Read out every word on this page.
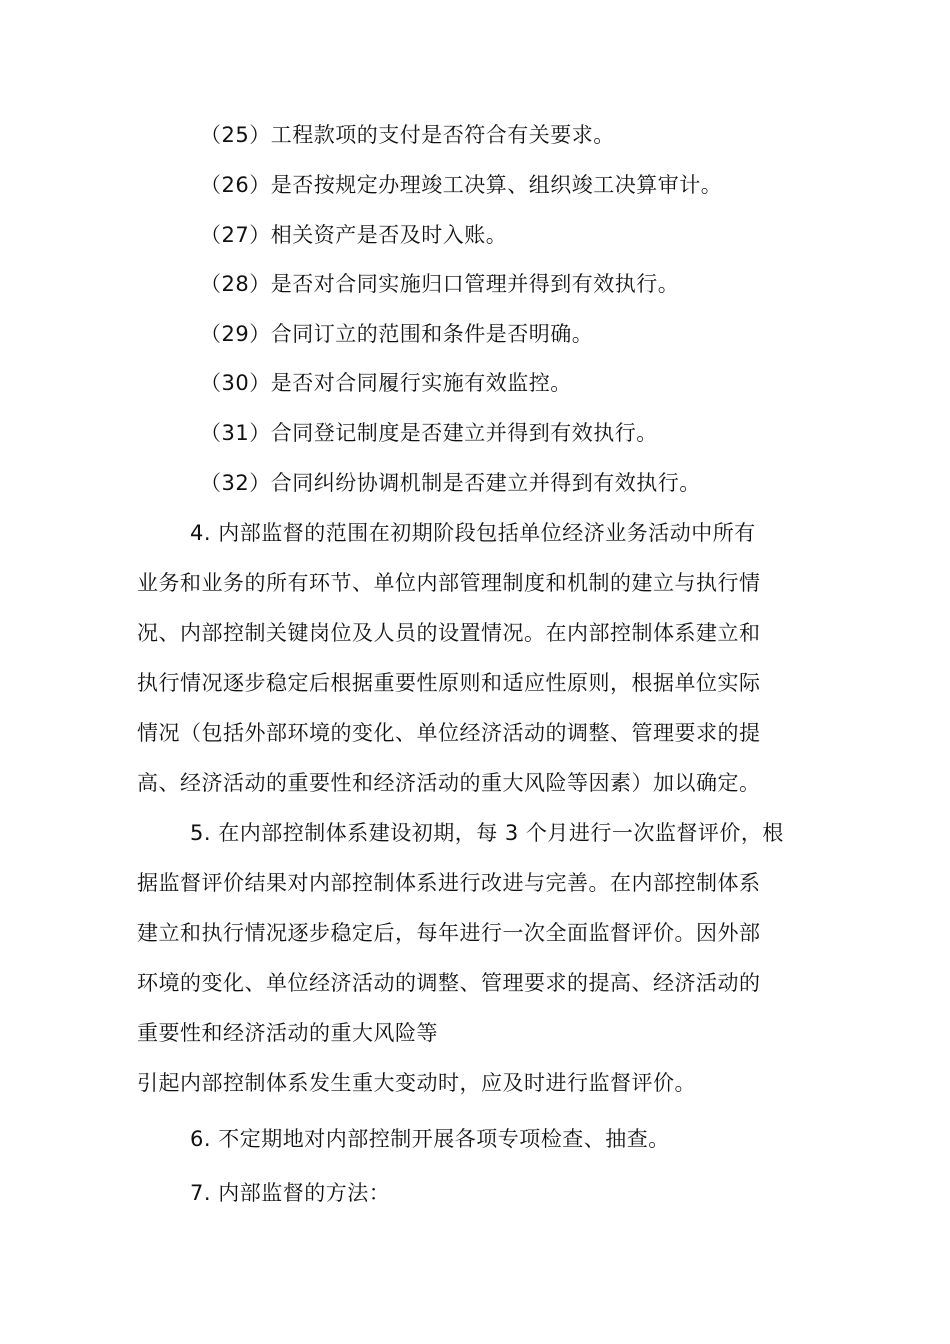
（25）工程款项的支付是否符合有关要求。
（26）是否按规定办理竣工决算、组织竣工决算审计。
（27）相关资产是否及时入账。
（28）是否对合同实施归口管理并得到有效执行。
（29）合同订立的范围和条件是否明确。
（30）是否对合同履行实施有效监控。
（31）合同登记制度是否建立并得到有效执行。
（32）合同纠纷协调机制是否建立并得到有效执行。
4. 内部监督的范围在初期阶段包括单位经济业务活动中所有
业务和业务的所有环节、单位内部管理制度和机制的建立与执行情
况、内部控制关键岗位及人员的设置情况。在内部控制体系建立和
执行情况逐步稳定后根据重要性原则和适应性原则，根据单位实际
情况（包括外部环境的变化、单位经济活动的调整、管理要求的提
高、经济活动的重要性和经济活动的重大风险等因素）加以确定。
5. 在内部控制体系建设初期，每 3 个月进行一次监督评价，根
据监督评价结果对内部控制体系进行改进与完善。在内部控制体系
建立和执行情况逐步稳定后，每年进行一次全面监督评价。因外部
环境的变化、单位经济活动的调整、管理要求的提高、经济活动的
重要性和经济活动的重大风险等
引起内部控制体系发生重大变动时，应及时进行监督评价。
6. 不定期地对内部控制开展各项专项检查、抽查。
7. 内部监督的方法：
